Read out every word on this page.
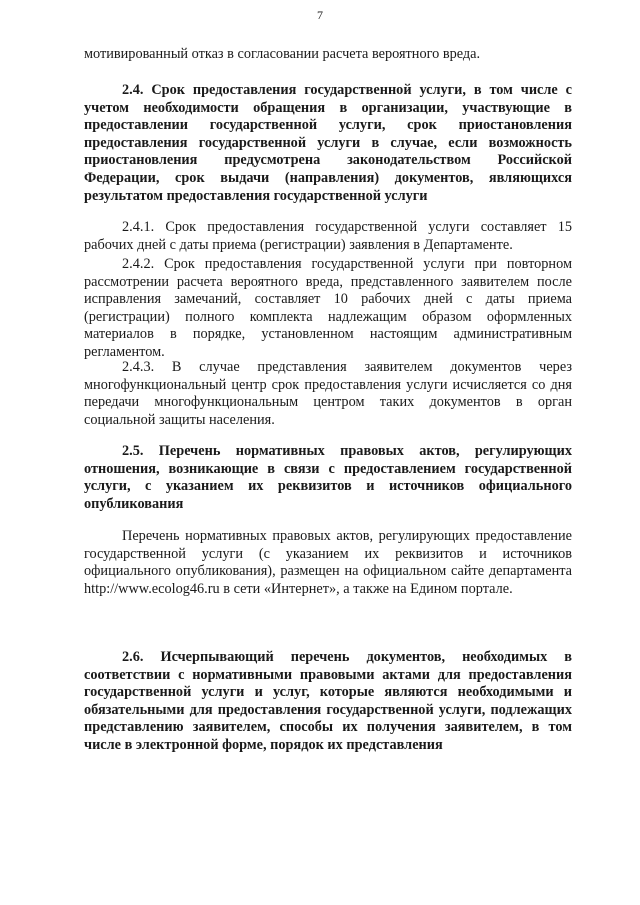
7

мотивированный отказ в согласовании расчета вероятного вреда.

2.4. Срок предоставления государственной услуги, в том числе с учетом необходимости обращения в организации, участвующие в предоставлении государственной услуги, срок приостановления предоставления государственной услуги в случае, если возможность приостановления предусмотрена законодательством Российской Федерации, срок выдачи (направления) документов, являющихся результатом предоставления государственной услуги

2.4.1. Срок предоставления государственной услуги составляет 15 рабочих дней с даты приема (регистрации) заявления в Департаменте.

2.4.2. Срок предоставления государственной услуги при повторном рассмотрении расчета вероятного вреда, представленного заявителем после исправления замечаний, составляет 10 рабочих дней с даты приема (регистрации) полного комплекта надлежащим образом оформленных материалов в порядке, установленном настоящим административным регламентом.

2.4.3. В случае представления заявителем документов через многофункциональный центр срок предоставления услуги исчисляется со дня передачи многофункциональным центром таких документов в орган социальной защиты населения.

2.5. Перечень нормативных правовых актов, регулирующих отношения, возникающие в связи с предоставлением государственной услуги, с указанием их реквизитов и источников официального опубликования

Перечень нормативных правовых актов, регулирующих предоставление государственной услуги (с указанием их реквизитов и источников официального опубликования), размещен на официальном сайте департамента http://www.ecolog46.ru в сети «Интернет», а также на Едином портале.

2.6. Исчерпывающий перечень документов, необходимых в соответствии с нормативными правовыми актами для предоставления государственной услуги и услуг, которые являются необходимыми и обязательными для предоставления государственной услуги, подлежащих представлению заявителем, способы их получения заявителем, в том числе в электронной форме, порядок их представления
